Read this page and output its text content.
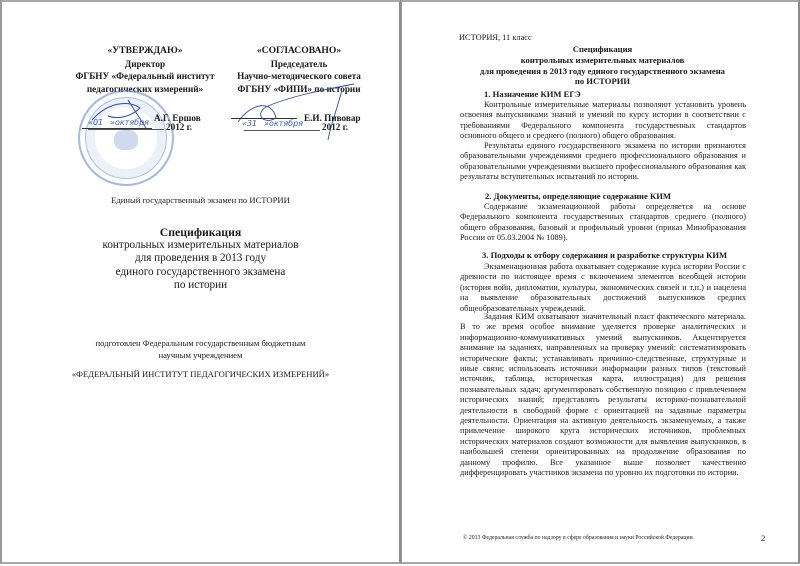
«УТВЕРЖДАЮ»
Директор
ФГБНУ «Федеральный институт
педагогических измерений»
А.Г. Ершов
«01 »октября 2012 г.
«СОГЛАСОВАНО»
Председатель
Научно-методического совета
ФГБНУ «ФИПИ» по истории
Е.И. Пивовар
«31 »октября 2012 г.
Единый государственный экзамен по ИСТОРИИ
Спецификация
контрольных измерительных материалов
для проведения в 2013 году
единого государственного экзамена
по истории
подготовлен Федеральным государственным бюджетным
научным учреждением
«ФЕДЕРАЛЬНЫЙ ИНСТИТУТ ПЕДАГОГИЧЕСКИХ ИЗМЕРЕНИЙ»
ИСТОРИЯ, 11 класс
Спецификация
контрольных измерительных материалов
для проведения в 2013 году единого государственного экзамена
по ИСТОРИИ
1. Назначение КИМ ЕГЭ

Контрольные измерительные материалы позволяют установить уровень освоения выпускниками знаний и умений по курсу истории в соответствии с требованиями Федерального компонента государственных стандартов основного общего и среднего (полного) общего образования.

Результаты единого государственного экзамена по истории признаются образовательными учреждениями среднего профессионального образования и образовательными учреждениями высшего профессионального образования как результаты вступительных испытаний по истории.

2. Документы, определяющие содержание КИМ

Содержание экзаменационной работы определяется на основе Федерального компонента государственных стандартов среднего (полного) общего образования, базовый и профильный уровни (приказ Минобразования России от 05.03.2004 № 1089).

3. Подходы к отбору содержания и разработке структуры КИМ

Экзаменационная работа охватывает содержание курса истории России с древности по настоящее время с включением элементов всеобщей истории (история войн, дипломатии, культуры, экономических связей и т.п.) и нацелена на выявление образовательных достижений выпускников средних общеобразовательных учреждений.

Задания КИМ охватывают значительный пласт фактического материала. В то же время особое внимание уделяется проверке аналитических и информационно-коммуникативных умений выпускников. Акцентируется внимание на заданиях, направленных на проверку умений: систематизировать исторические факты; устанавливать причинно-следственные, структурные и иные связи; использовать источники информации разных типов (текстовый источник, таблица, историческая карта, иллюстрация) для решения познавательных задач; аргументировать собственную позицию с привлечением исторических знаний; представлять результаты историко-познавательной деятельности в свободной форме с ориентацией на заданные параметры деятельности. Ориентация на активную деятельность экзаменуемых, а также привлечение широкого круга исторических источников, проблемных исторических материалов создают возможности для выявления выпускников, в наибольшей степени ориентированных на продолжение образования по данному профилю. Все указанное выше позволяет качественно дифференцировать участников экзамена по уровню их подготовки по истории.

© 2013 Федеральная служба по надзору в сфере образования и науки Российской Федерации	2
